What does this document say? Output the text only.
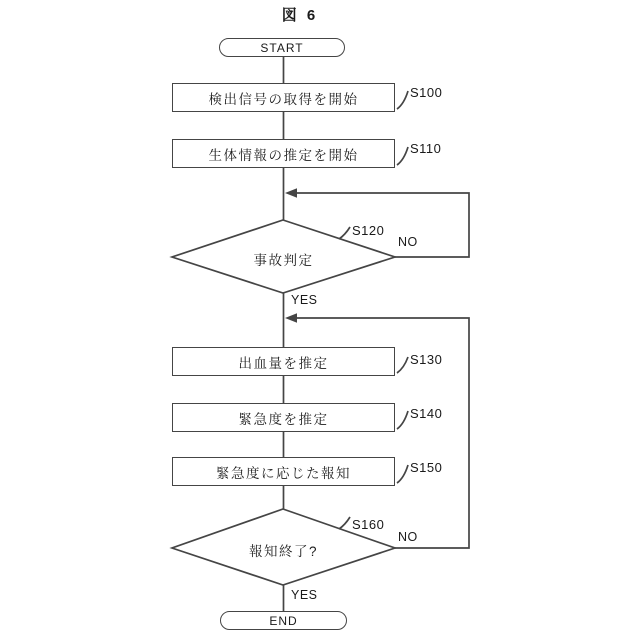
図 6
START
END
検出信号の取得を開始
生体情報の推定を開始
出血量を推定
緊急度を推定
緊急度に応じた報知
事故判定
報知終了?
S100
S110
S120
S130
S140
S150
S160
YES
NO
YES
NO
